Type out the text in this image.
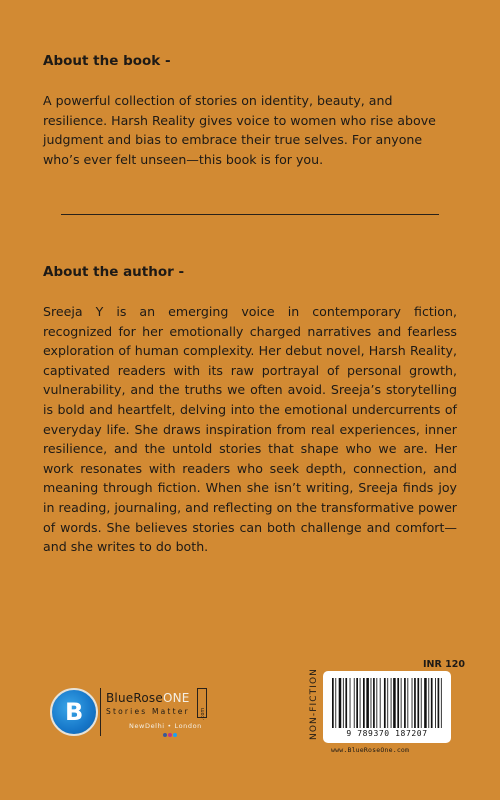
About the book -

A powerful collection of stories on identity, beauty, and resilience. Harsh Reality gives voice to women who rise above judgment and bias to embrace their true selves. For anyone who’s ever felt unseen—this book is for you.

About the author -

Sreeja Y is an emerging voice in contemporary fiction, recognized for her emotionally charged narratives and fearless exploration of human complexity. Her debut novel, Harsh Reality, captivated readers with its raw portrayal of personal growth, vulnerability, and the truths we often avoid. Sreeja’s storytelling is bold and heartfelt, delving into the emotional undercurrents of everyday life. She draws inspiration from real experiences, inner resilience, and the untold stories that shape who we are. Her work resonates with readers who seek depth, connection, and meaning through fiction. When she isn’t writing, Sreeja finds joy in reading, journaling, and reflecting on the transformative power of words. She believes stories can both challenge and comfort—and she writes to do both.

B BlueRoseONE
.com
Stories Matter
NewDelhi • London	NON-FICTION
INR 120
9 789370 187207
www.BlueRoseOne.com
